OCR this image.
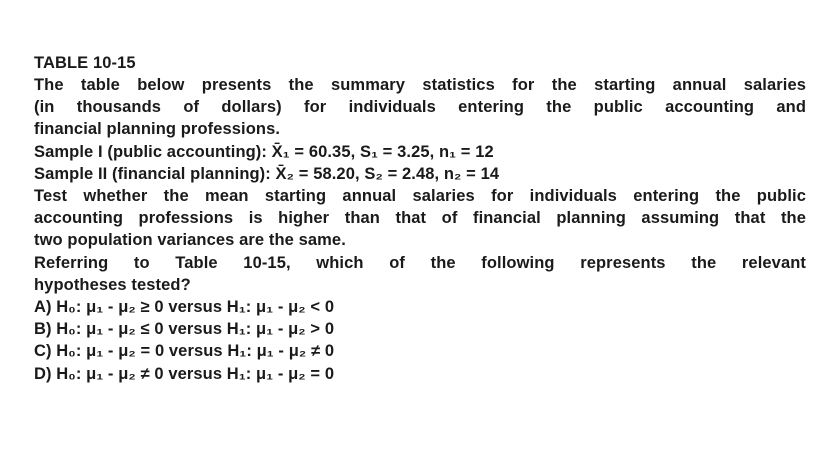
TABLE 10-15
The table below presents the summary statistics for the starting annual salaries
(in thousands of dollars) for individuals entering the public accounting and
financial planning professions.
Sample I (public accounting): X̄₁ = 60.35, S₁ = 3.25, n₁ = 12
Sample II (financial planning): X̄₂ = 58.20, S₂ = 2.48, n₂ = 14
Test whether the mean starting annual salaries for individuals entering the public
accounting professions is higher than that of financial planning assuming that the
two population variances are the same.
Referring to Table 10-15, which of the following represents the relevant
hypotheses tested?
A) H₀: μ₁ - μ₂ ≥ 0 versus H₁: μ₁ - μ₂ < 0
B) H₀: μ₁ - μ₂ ≤ 0 versus H₁: μ₁ - μ₂ > 0
C) H₀: μ₁ - μ₂ = 0 versus H₁: μ₁ - μ₂ ≠ 0
D) H₀: μ₁ - μ₂ ≠ 0 versus H₁: μ₁ - μ₂ = 0
